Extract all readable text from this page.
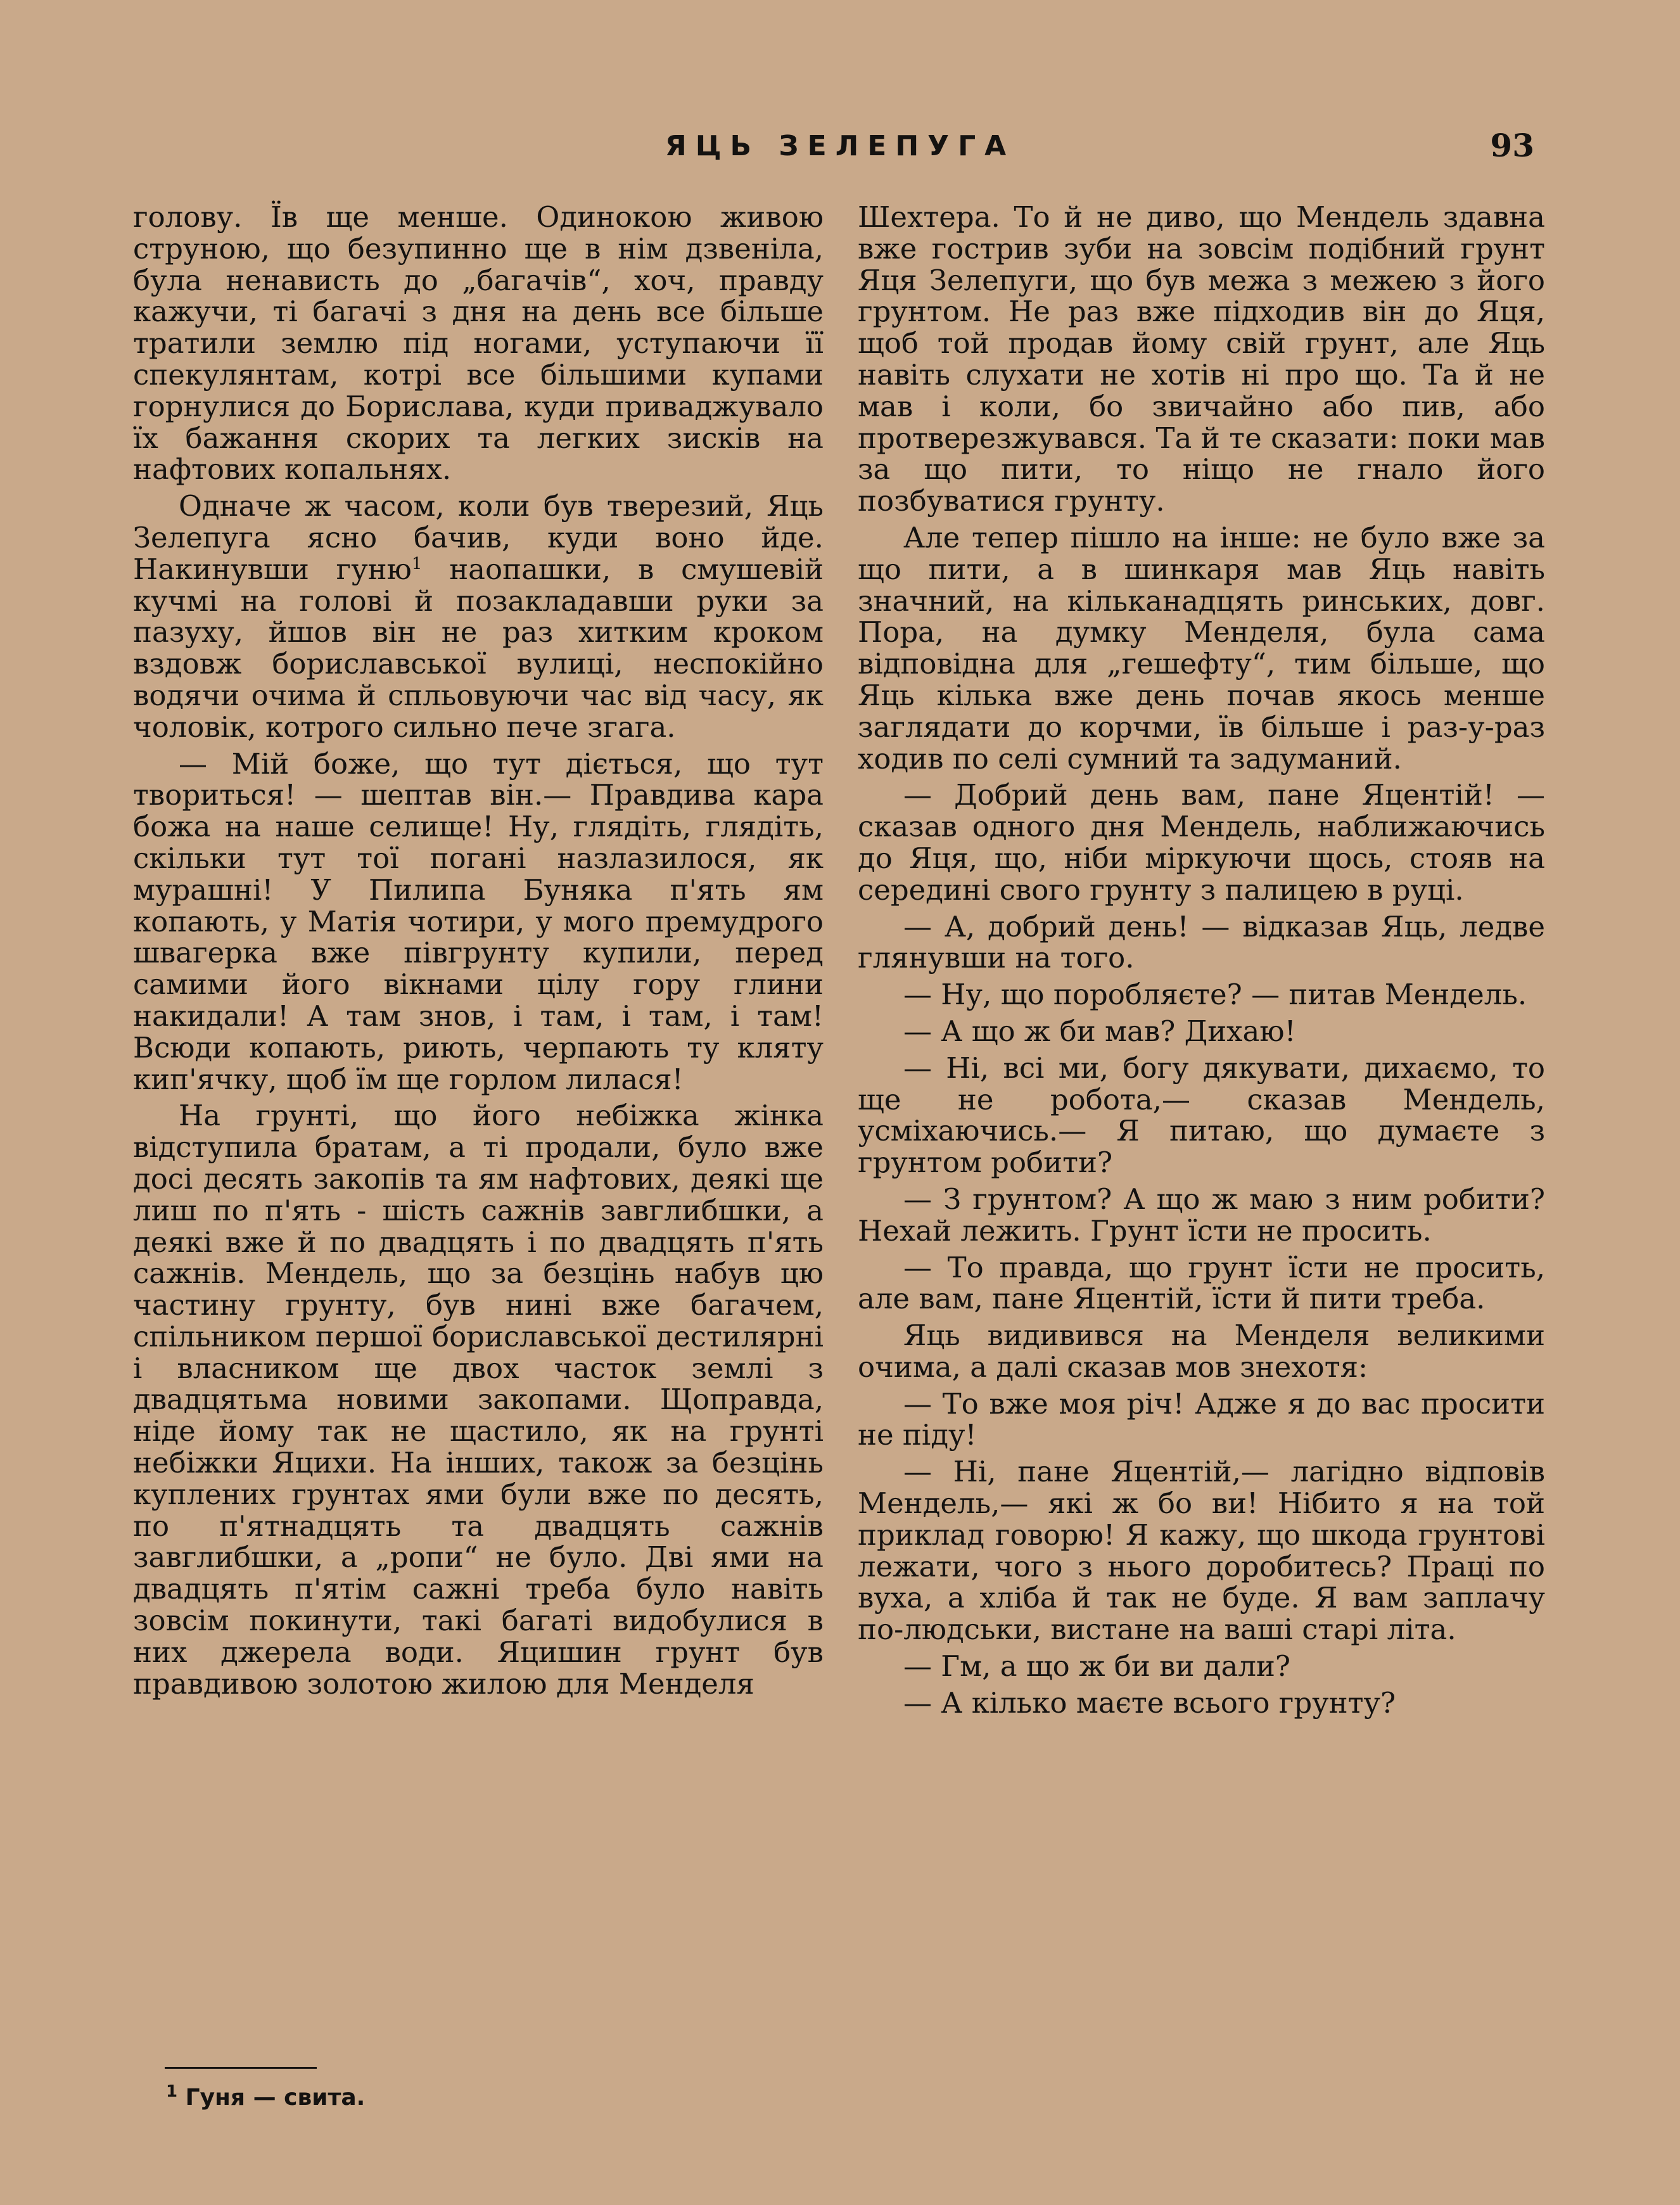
ЯЦЬ ЗЕЛЕПУГА	93

голову. Їв ще менше. Одинокою живою струною, що безупинно ще в нім дзвеніла, була ненависть до „багачів“, хоч, правду кажучи, ті багачі з дня на день все більше тратили землю під ногами, уступаючи її спекулянтам, котрі все більшими купами горнулися до Борислава, куди приваджувало їх бажання скорих та легких зисків на нафтових копальнях.

Одначе ж часом, коли був тверезий, Яць Зелепуга ясно бачив, куди воно йде. Накинувши гуню$^1$ наопашки, в смушевій кучмі на голові й позакладавши руки за пазуху, йшов він не раз хитким кроком вздовж бориславської вулиці, неспокійно водячи очима й спльовуючи час від часу, як чоловік, котрого сильно пече згага.

— Мій боже, що тут діється, що тут твориться! — шептав він.— Правдива кара божа на наше селище! Ну, глядіть, глядіть, скільки тут тої погані назлазилося, як мурашні! У Пилипа Буняка п'ять ям копають, у Матія чотири, у мого премудрого швагерка вже півгрунту купили, перед самими його вікнами цілу гору глини накидали! А там знов, і там, і там, і там! Всюди копають, риють, черпають ту кляту кип'ячку, щоб їм ще горлом лилася!

На грунті, що його небіжка жінка відступила братам, а ті продали, було вже досі десять закопів та ям нафтових, деякі ще лиш по п'ять - шість сажнів завглибшки, а деякі вже й по двадцять і по двадцять п'ять сажнів. Мендель, що за безцінь набув цю частину грунту, був нині вже багачем, спільником першої бориславської дестилярні і власником ще двох часток землі з двадцятьма новими закопами. Щоправда, ніде йому так не щастило, як на грунті небіжки Яцихи. На інших, також за безцінь куплених грунтах ями були вже по десять, по п'ятнадцять та двадцять сажнів завглибшки, а „ропи“ не було. Дві ями на двадцять п'ятім сажні треба було навіть зовсім покинути, такі багаті видобулися в них джерела води. Яцишин грунт був правдивою золотою жилою для Менделя

Шехтера. То й не диво, що Мендель здавна вже гострив зуби на зовсім подібний грунт Яця Зелепуги, що був межа з межею з його грунтом. Не раз вже підходив він до Яця, щоб той продав йому свій грунт, але Яць навіть слухати не хотів ні про що. Та й не мав і коли, бо звичайно або пив, або протверезжувався. Та й те сказати: поки мав за що пити, то ніщо не гнало його позбуватися грунту.

Але тепер пішло на інше: не було вже за що пити, а в шинкаря мав Яць навіть значний, на кільканадцять ринських, довг. Пора, на думку Менделя, була сама відповідна для „гешефту“, тим більше, що Яць кілька вже день почав якось менше заглядати до корчми, їв більше і раз-у-раз ходив по селі сумний та задуманий.

— Добрий день вам, пане Яцентій! — сказав одного дня Мендель, наближаючись до Яця, що, ніби міркуючи щось, стояв на середині свого грунту з палицею в руці.

— А, добрий день! — відказав Яць, ледве глянувши на того.

— Ну, що поробляєте? — питав Мендель.

— А що ж би мав? Дихаю!

— Ні, всі ми, богу дякувати, дихаємо, то ще не робота,— сказав Мендель, усміхаючись.— Я питаю, що думаєте з грунтом робити?

— З грунтом? А що ж маю з ним робити? Нехай лежить. Грунт їсти не просить.

— То правда, що грунт їсти не просить, але вам, пане Яцентій, їсти й пити треба.

Яць видивився на Менделя великими очима, а далі сказав мов знехотя:

— То вже моя річ! Адже я до вас просити не піду!

— Ні, пане Яцентій,— лагідно відповів Мендель,— які ж бо ви! Нібито я на той приклад говорю! Я кажу, що шкода грунтові лежати, чого з нього доробитесь? Праці по вуха, а хліба й так не буде. Я вам заплачу по-людськи, вистане на ваші старі літа.

— Гм, а що ж би ви дали?

— А кілько маєте всього грунту?

$^1$ Гуня — свита.
